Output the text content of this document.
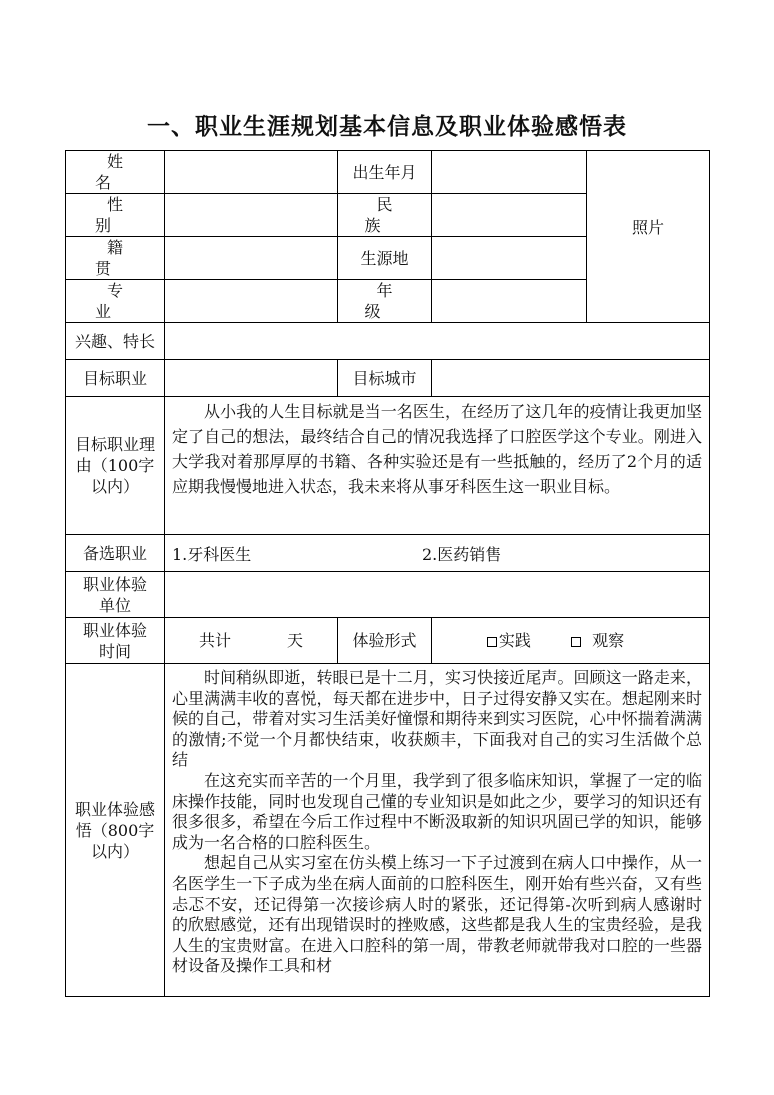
一、职业生涯规划基本信息及职业体验感悟表
姓 名		出生年月		照片
性 别		民 族		
籍 贯		生源地		
专 业		年 级		
兴趣、特长				
目标职业		目标城市		
目标职业理由（100字以内）	从小我的人生目标就是当一名医生，在经历了这几年的疫情让我更加坚定了自己的想法，最终结合自己的情况我选择了口腔医学这个专业。刚进入大学我对着那厚厚的书籍、各种实验还是有一些抵触的，经历了2个月的适应期我慢慢地进入状态，我未来将从事牙科医生这一职业目标。			

备选职业	1.牙科医生 2.医药销售			
职业体验单位				
职业体验时间	共计 天	体验形式	实践 观察	
职业体验感悟（800字以内）	时间稍纵即逝，转眼已是十二月，实习快接近尾声。回顾这一路走来，心里满满丰收的喜悦，每天都在进步中，日子过得安静又实在。想起刚来时候的自己，带着对实习生活美好憧憬和期待来到实习医院，心中怀揣着满满的激情;不觉一个月都快结束，收获颇丰，下面我对自己的实习生活做个总结

在这充实而辛苦的一个月里，我学到了很多临床知识，掌握了一定的临床操作技能，同时也发现自己懂的专业知识是如此之少，要学习的知识还有很多很多，希望在今后工作过程中不断汲取新的知识巩固已学的知识，能够成为一名合格的口腔科医生。

想起自己从实习室在仿头模上练习一下子过渡到在病人口中操作，从一名医学生一下子成为坐在病人面前的口腔科医生，刚开始有些兴奋，又有些忐忑不安，还记得第一次接诊病人时的紧张，还记得第-次听到病人感谢时的欣慰感觉，还有出现错误时的挫败感，这些都是我人生的宝贵经验，是我人生的宝贵财富。在进入口腔科的第一周，带教老师就带我对口腔的一些器材设备及操作工具和材			
